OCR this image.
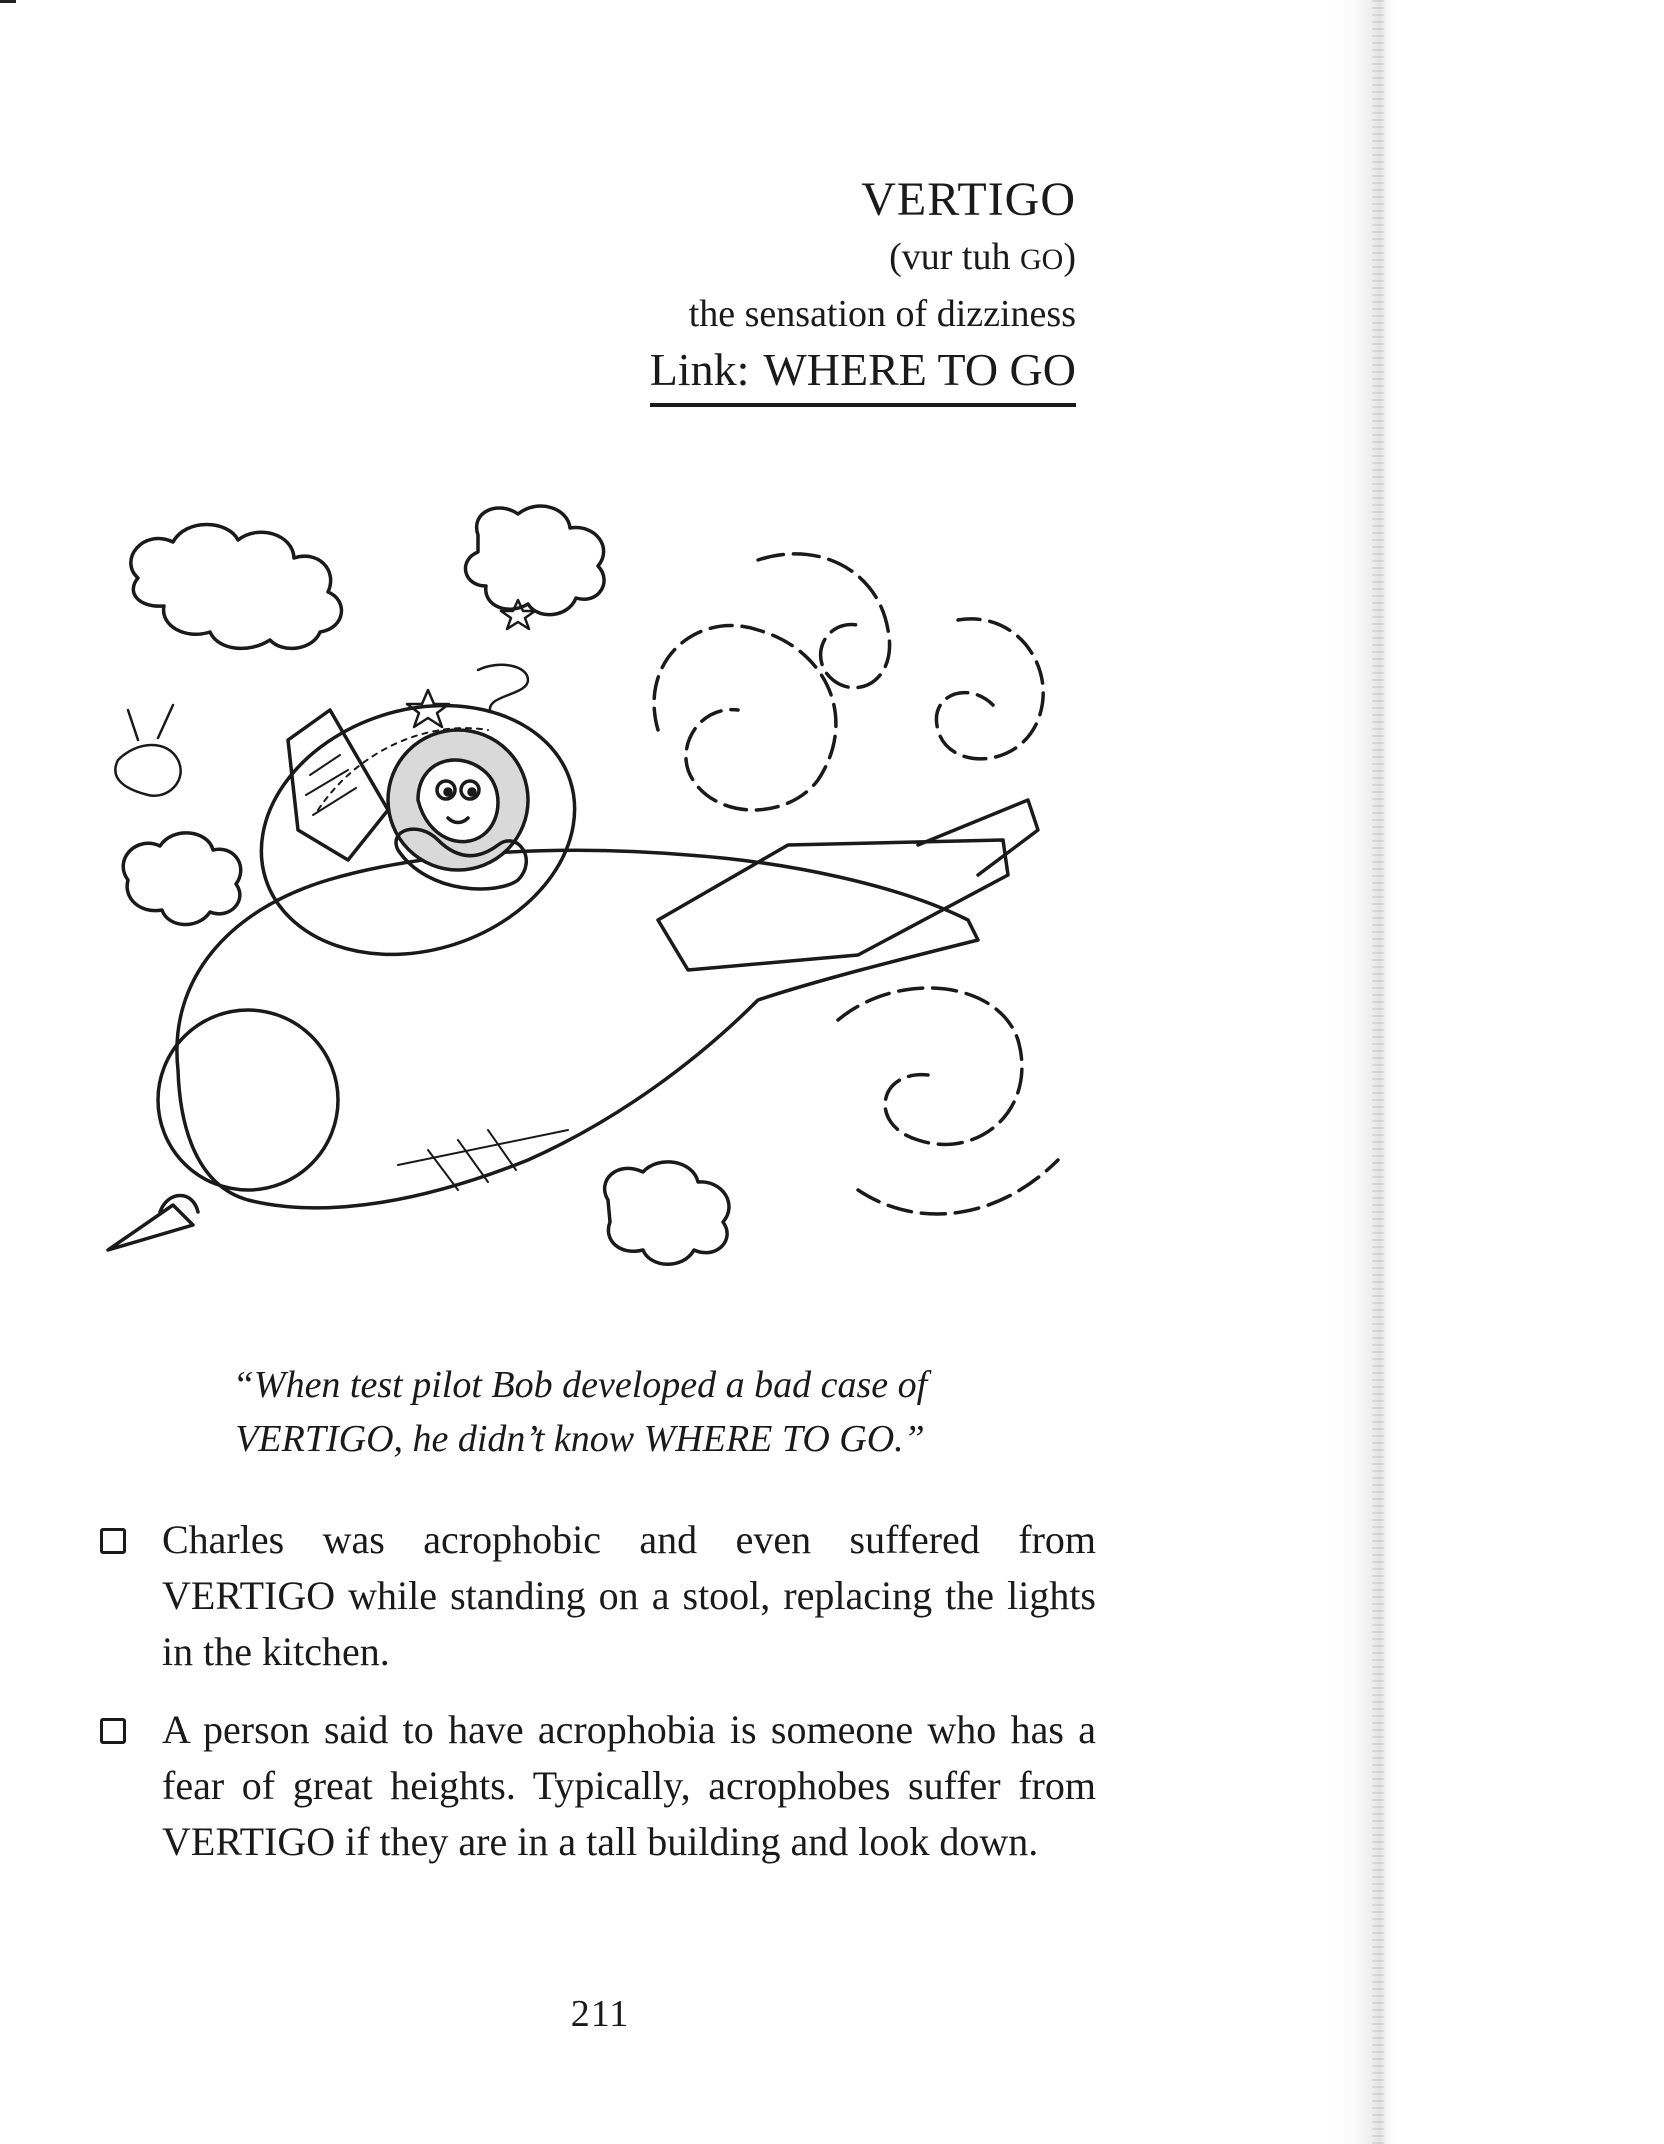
VERTIGO
(vur tuh GO)
the sensation of dizziness
Link: WHERE TO GO
“When test pilot Bob developed a bad case of
VERTIGO, he didn’t know WHERE TO GO.”
Charles was acrophobic and even suffered from VERTIGO while standing on a stool, replacing the lights in the kitchen.
A person said to have acrophobia is someone who has a fear of great heights. Typically, acrophobes suffer from VERTIGO if they are in a tall building and look down.
211
